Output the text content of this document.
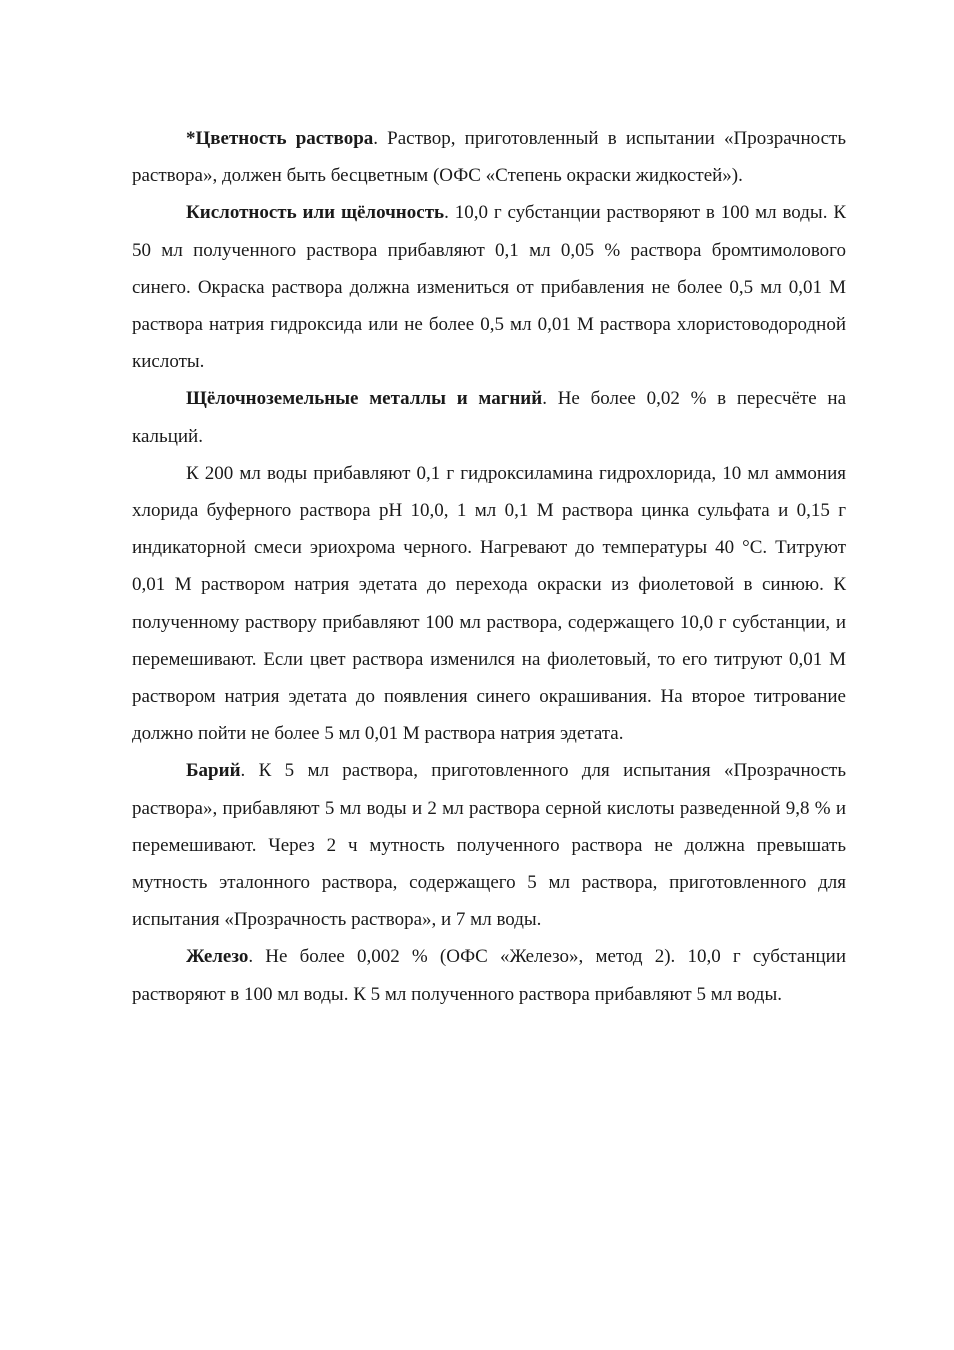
*Цветность раствора. Раствор, приготовленный в испытании «Прозрачность раствора», должен быть бесцветным (ОФС «Степень окраски жидкостей»).

Кислотность или щёлочность. 10,0 г субстанции растворяют в 100 мл воды. К 50 мл полученного раствора прибавляют 0,1 мл 0,05 % раствора бромтимолового синего. Окраска раствора должна измениться от прибавления не более 0,5 мл 0,01 М раствора натрия гидроксида или не более 0,5 мл 0,01 М раствора хлористоводородной кислоты.

Щёлочноземельные металлы и магний. Не более 0,02 % в пересчёте на кальций.

К 200 мл воды прибавляют 0,1 г гидроксиламина гидрохлорида, 10 мл аммония хлорида буферного раствора pH 10,0, 1 мл 0,1 М раствора цинка сульфата и 0,15 г индикаторной смеси эриохрома черного. Нагревают до температуры 40 °C. Титруют 0,01 М раствором натрия эдетата до перехода окраски из фиолетовой в синюю. К полученному раствору прибавляют 100 мл раствора, содержащего 10,0 г субстанции, и перемешивают. Если цвет раствора изменился на фиолетовый, то его титруют 0,01 М раствором натрия эдетата до появления синего окрашивания. На второе титрование должно пойти не более 5 мл 0,01 М раствора натрия эдетата.

Барий. К 5 мл раствора, приготовленного для испытания «Прозрачность раствора», прибавляют 5 мл воды и 2 мл раствора серной кислоты разведенной 9,8 % и перемешивают. Через 2 ч мутность полученного раствора не должна превышать мутность эталонного раствора, содержащего 5 мл раствора, приготовленного для испытания «Прозрачность раствора», и 7 мл воды.

Железо. Не более 0,002 % (ОФС «Железо», метод 2). 10,0 г субстанции растворяют в 100 мл воды. К 5 мл полученного раствора прибавляют 5 мл воды.
